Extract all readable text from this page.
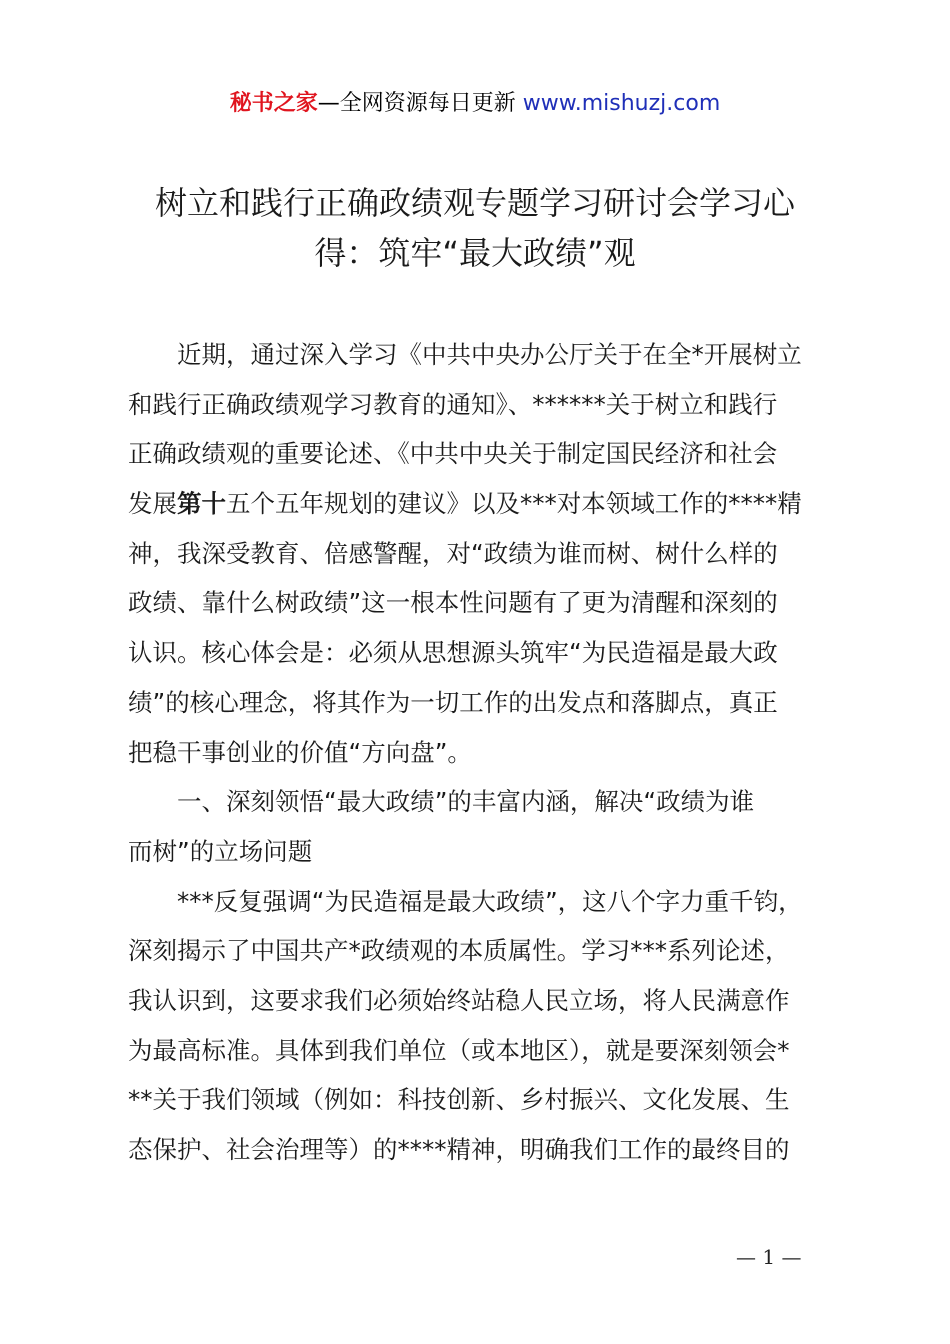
秘书之家—全网资源每日更新 www.mishuzj.com
树立和践行正确政绩观专题学习研讨会学习心
得：筑牢“最大政绩”观
　　近期，通过深入学习《中共中央办公厅关于在全*开展树立
和践行正确政绩观学习教育的通知》、******关于树立和践行
正确政绩观的重要论述、《中共中央关于制定国民经济和社会
发展第十五个五年规划的建议》以及***对本领域工作的****精
神，我深受教育、倍感警醒，对“政绩为谁而树、树什么样的
政绩、靠什么树政绩”这一根本性问题有了更为清醒和深刻的
认识。核心体会是：必须从思想源头筑牢“为民造福是最大政
绩”的核心理念，将其作为一切工作的出发点和落脚点，真正
把稳干事创业的价值“方向盘”。
　　一、深刻领悟“最大政绩”的丰富内涵，解决“政绩为谁
而树”的立场问题
　　***反复强调“为民造福是最大政绩”，这八个字力重千钧，
深刻揭示了中国共产*政绩观的本质属性。学习***系列论述，
我认识到，这要求我们必须始终站稳人民立场，将人民满意作
为最高标准。具体到我们单位（或本地区），就是要深刻领会*
**关于我们领域（例如：科技创新、乡村振兴、文化发展、生
态保护、社会治理等）的****精神，明确我们工作的最终目的
— 1 —
